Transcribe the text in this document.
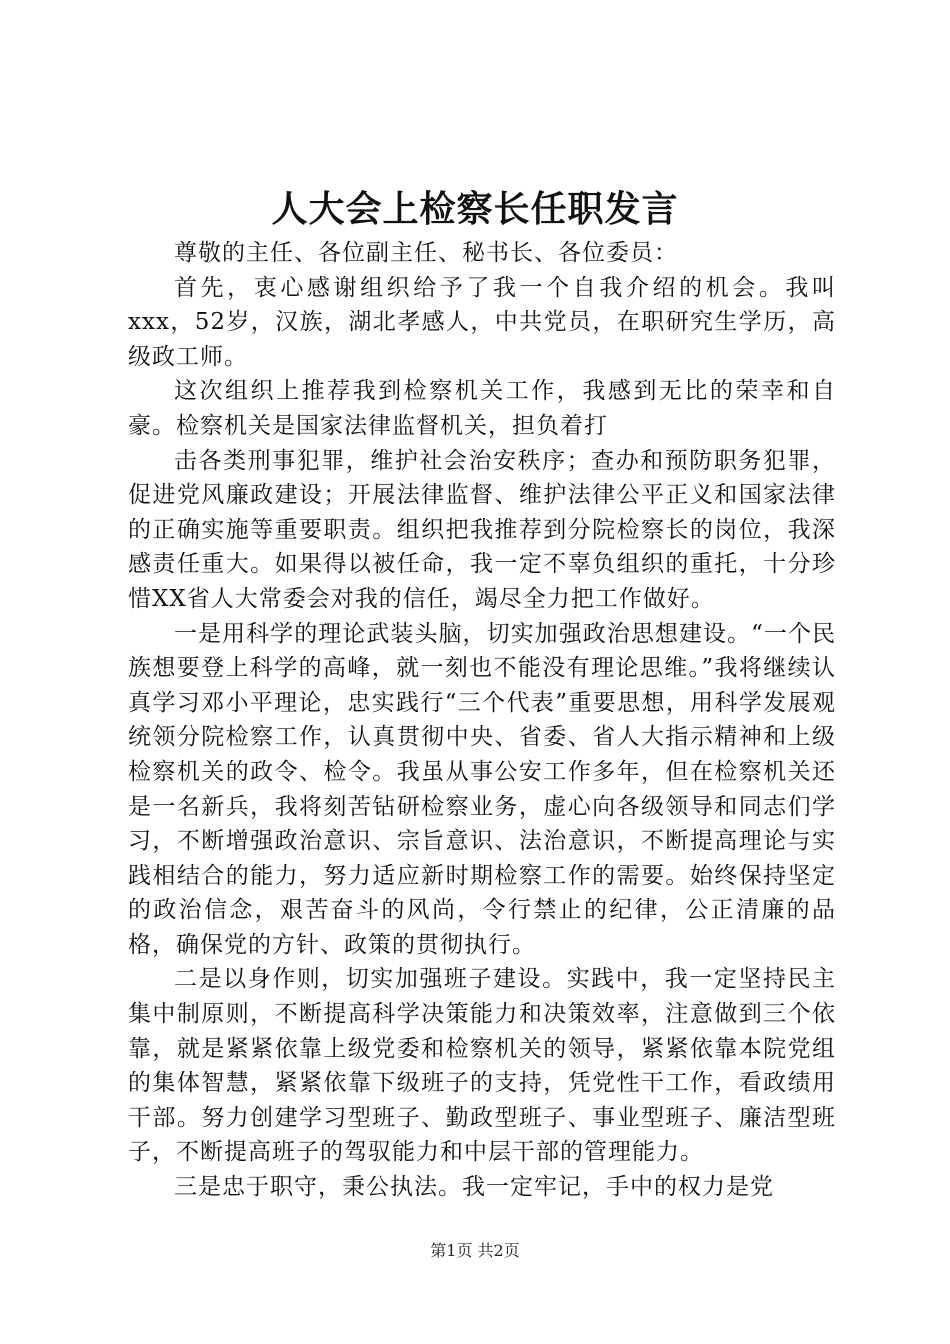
人大会上检察长任职发言

尊敬的主任、各位副主任、秘书长、各位委员：

首先，衷心感谢组织给予了我一个自我介绍的机会。我叫xxx，52岁，汉族，湖北孝感人，中共党员，在职研究生学历，高级政工师。

这次组织上推荐我到检察机关工作，我感到无比的荣幸和自豪。检察机关是国家法律监督机关，担负着打

击各类刑事犯罪，维护社会治安秩序；查办和预防职务犯罪，促进党风廉政建设；开展法律监督、维护法律公平正义和国家法律的正确实施等重要职责。组织把我推荐到分院检察长的岗位，我深感责任重大。如果得以被任命，我一定不辜负组织的重托，十分珍惜XX省人大常委会对我的信任，竭尽全力把工作做好。

一是用科学的理论武装头脑，切实加强政治思想建设。“一个民族想要登上科学的高峰，就一刻也不能没有理论思维。”我将继续认真学习邓小平理论，忠实践行“三个代表”重要思想，用科学发展观统领分院检察工作，认真贯彻中央、省委、省人大指示精神和上级检察机关的政令、检令。我虽从事公安工作多年，但在检察机关还是一名新兵，我将刻苦钻研检察业务，虚心向各级领导和同志们学习，不断增强政治意识、宗旨意识、法治意识，不断提高理论与实践相结合的能力，努力适应新时期检察工作的需要。始终保持坚定的政治信念，艰苦奋斗的风尚，令行禁止的纪律，公正清廉的品格，确保党的方针、政策的贯彻执行。

二是以身作则，切实加强班子建设。实践中，我一定坚持民主集中制原则，不断提高科学决策能力和决策效率，注意做到三个依靠，就是紧紧依靠上级党委和检察机关的领导，紧紧依靠本院党组的集体智慧，紧紧依靠下级班子的支持，凭党性干工作，看政绩用干部。努力创建学习型班子、勤政型班子、事业型班子、廉洁型班子，不断提高班子的驾驭能力和中层干部的管理能力。

三是忠于职守，秉公执法。我一定牢记，手中的权力是党

第1页 共2页
